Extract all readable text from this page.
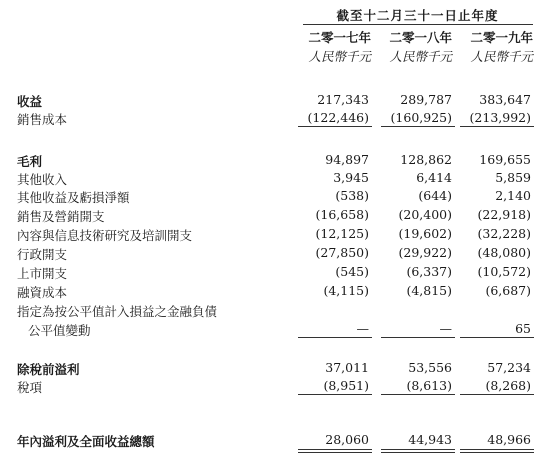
截至十二月三十一日止年度
二零一七年	二零一八年	二零一九年
人民幣千元	人民幣千元	人民幣千元
收益	217,343	289,787	383,647
銷售成本	(122,446)	(160,925)	(213,992)
毛利	94,897	128,862	169,655
其他收入	3,945	6,414	5,859
其他收益及虧損淨額	(538)	(644)	2,140
銷售及營銷開支	(16,658)	(20,400)	(22,918)
內容與信息技術研究及培訓開支	(12,125)	(19,602)	(32,228)
行政開支	(27,850)	(29,922)	(48,080)
上市開支	(545)	(6,337)	(10,572)
融資成本	(4,115)	(4,815)	(6,687)
指定為按公平值計入損益之金融負債
公平值變動	—	—	65
除稅前溢利	37,011	53,556	57,234
稅項	(8,951)	(8,613)	(8,268)
年內溢利及全面收益總額	28,060	44,943	48,966
